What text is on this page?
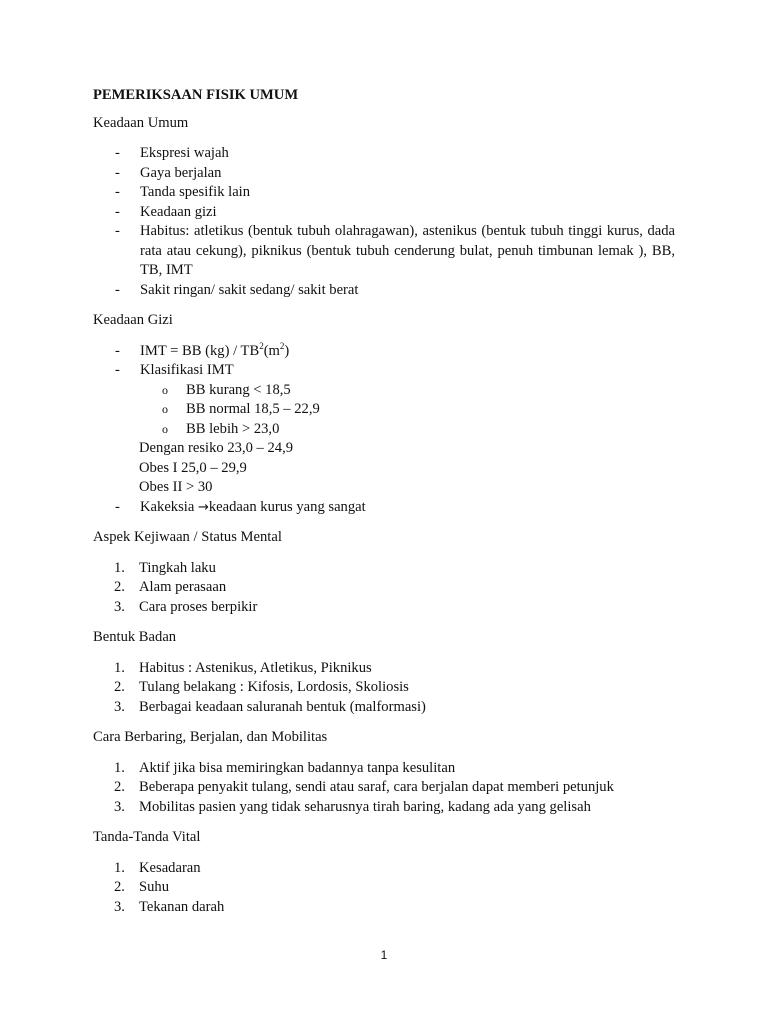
PEMERIKSAAN FISIK UMUM

Keadaan Umum

-	Ekspresi wajah
-	Gaya berjalan
-	Tanda spesifik lain
-	Keadaan gizi
-	Habitus: atletikus (bentuk tubuh olahragawan), astenikus (bentuk tubuh tinggi kurus, dada rata atau cekung), piknikus (bentuk tubuh cenderung bulat, penuh timbunan lemak ), BB, TB, IMT
-	Sakit ringan/ sakit sedang/ sakit berat

Keadaan Gizi

-	IMT = BB $(kg) / TB^2(m^2)$
-	Klasifikasi IMT
o	BB kurang < 18,5
o	BB normal 18,5 – 22,9
o	BB lebih > 23,0
Dengan resiko 23,0 – 24,9
Obes I 25,0 – 29,9
Obes II > 30
-	Kakeksia →keadaan kurus yang sangat

Aspek Kejiwaan / Status Mental

1. Tingkah laku
2. Alam perasaan
3. Cara proses berpikir

Bentuk Badan

1. Habitus : Astenikus, Atletikus, Piknikus
2. Tulang belakang : Kifosis, Lordosis, Skoliosis
3. Berbagai keadaan saluranah bentuk (malformasi)

Cara Berbaring, Berjalan, dan Mobilitas

1. Aktif jika bisa memiringkan badannya tanpa kesulitan
2. Beberapa penyakit tulang, sendi atau saraf, cara berjalan dapat memberi petunjuk
3. Mobilitas pasien yang tidak seharusnya tirah baring, kadang ada yang gelisah

Tanda-Tanda Vital

1. Kesadaran
2. Suhu
3. Tekanan darah
1
